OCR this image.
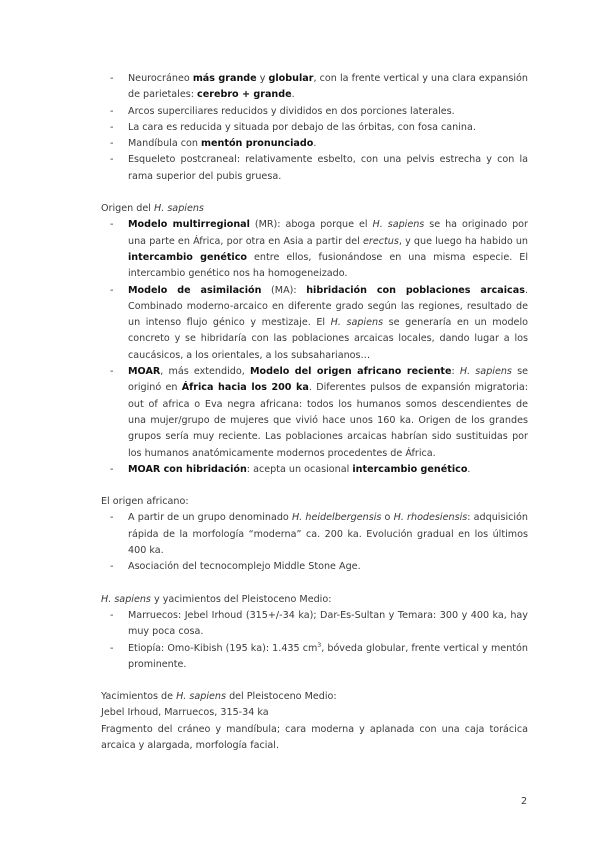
- Neurocráneo más grande y globular, con la frente vertical y una clara expansión de parietales: cerebro + grande.
- Arcos superciliares reducidos y divididos en dos porciones laterales.
- La cara es reducida y situada por debajo de las órbitas, con fosa canina.
- Mandíbula con mentón pronunciado.
- Esqueleto postcraneal: relativamente esbelto, con una pelvis estrecha y con la rama superior del pubis gruesa.

Origen del H. sapiens

- Modelo multirregional (MR): aboga porque el H. sapiens se ha originado por una parte en África, por otra en Asia a partir del erectus, y que luego ha habido un intercambio genético entre ellos, fusionándose en una misma especie. El intercambio genético nos ha homogeneizado.
- Modelo de asimilación (MA): hibridación con poblaciones arcaicas. Combinado moderno-arcaico en diferente grado según las regiones, resultado de un intenso flujo génico y mestizaje. El H. sapiens se generaría en un modelo concreto y se hibridaría con las poblaciones arcaicas locales, dando lugar a los caucásicos, a los orientales, a los subsaharianos…
- MOAR, más extendido, Modelo del origen africano reciente: H. sapiens se originó en África hacia los 200 ka. Diferentes pulsos de expansión migratoria: out of africa o Eva negra africana: todos los humanos somos descendientes de una mujer/grupo de mujeres que vivió hace unos 160 ka. Origen de los grandes grupos sería muy reciente. Las poblaciones arcaicas habrían sido sustituidas por los humanos anatómicamente modernos procedentes de África.
- MOAR con hibridación: acepta un ocasional intercambio genético.

El origen africano:

- A partir de un grupo denominado H. heidelbergensis o H. rhodesiensis: adquisición rápida de la morfología “moderna” ca. 200 ka. Evolución gradual en los últimos 400 ka.
- Asociación del tecnocomplejo Middle Stone Age.

H. sapiens y yacimientos del Pleistoceno Medio:

- Marruecos: Jebel Irhoud (315+/-34 ka); Dar-Es-Sultan y Temara: 300 y 400 ka, hay muy poca cosa.
- Etiopía: Omo-Kibish (195 ka): 1.435 $cm^3$, bóveda globular, frente vertical y mentón prominente.

Yacimientos de H. sapiens del Pleistoceno Medio:

Jebel Irhoud, Marruecos, 315-34 ka

Fragmento del cráneo y mandíbula; cara moderna y aplanada con una caja torácica arcaica y alargada, morfología facial.

2
